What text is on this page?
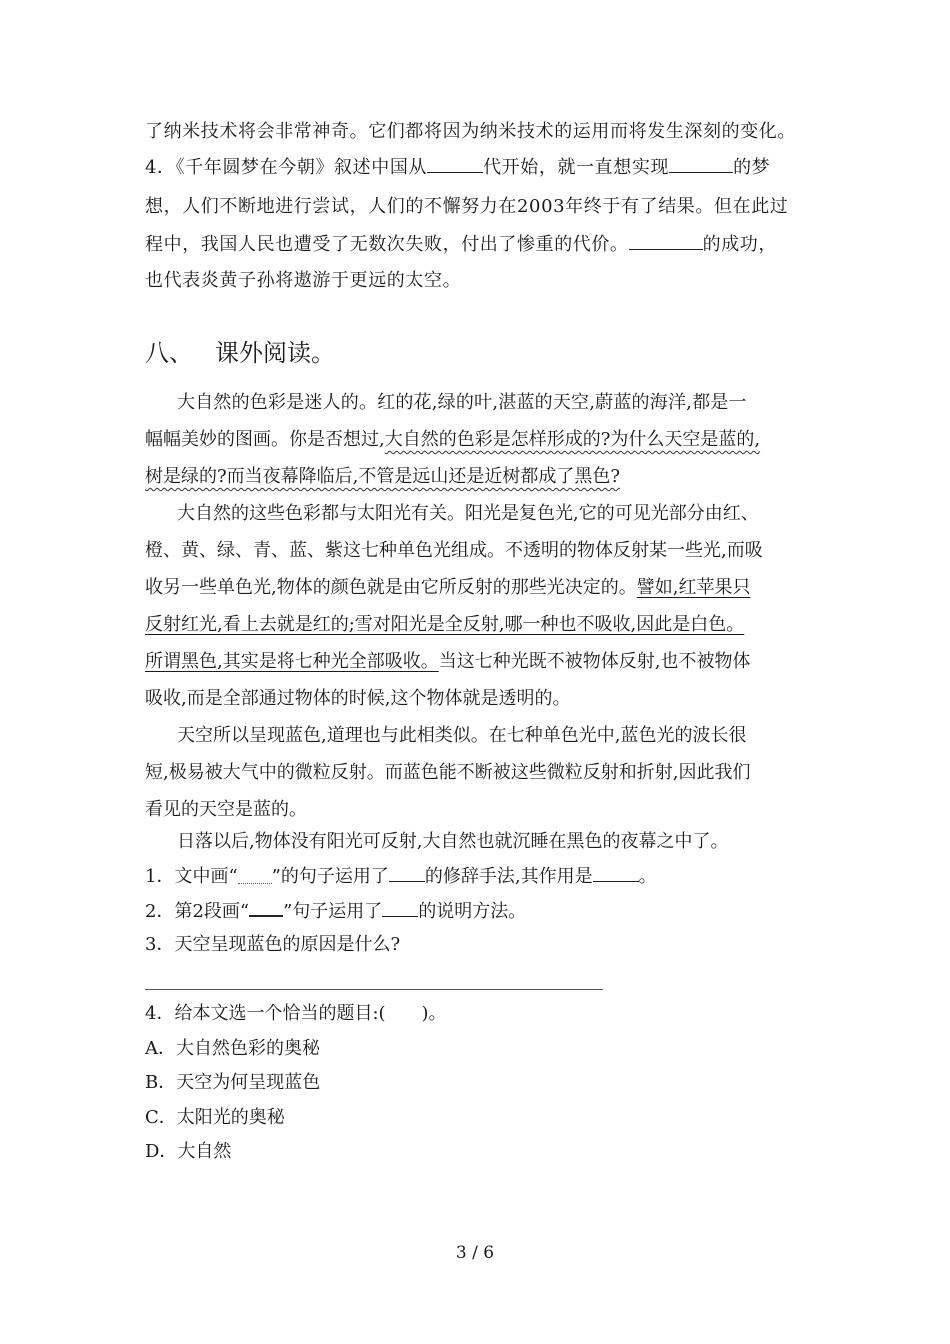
了纳米技术将会非常神奇。它们都将因为纳米技术的运用而将发生深刻的变化。
4．《千年圆梦在今朝》叙述中国从	代开始，就一直想实现	的梦
想，人们不断地进行尝试，人们的不懈努力在2003年终于有了结果。但在此过
程中，我国人民也遭受了无数次失败，付出了惨重的代价。	的成功，
也代表炎黄子孙将遨游于更远的太空。
八、 课外阅读。
大自然的色彩是迷人的。红的花,绿的叶,湛蓝的天空,蔚蓝的海洋,都是一
幅幅美妙的图画。你是否想过,大自然的色彩是怎样形成的?为什么天空是蓝的,
树是绿的?而当夜幕降临后,不管是远山还是近树都成了黑色?
大自然的这些色彩都与太阳光有关。阳光是复色光,它的可见光部分由红、
橙、黄、绿、青、蓝、紫这七种单色光组成。不透明的物体反射某一些光,而吸
收另一些单色光,物体的颜色就是由它所反射的那些光决定的。譬如,红苹果只
反射红光,看上去就是红的;雪对阳光是全反射,哪一种也不吸收,因此是白色。
所谓黑色,其实是将七种光全部吸收。当这七种光既不被物体反射,也不被物体
吸收,而是全部通过物体的时候,这个物体就是透明的。
天空所以呈现蓝色,道理也与此相类似。在七种单色光中,蓝色光的波长很
短,极易被大气中的微粒反射。而蓝色能不断被这些微粒反射和折射,因此我们
看见的天空是蓝的。
日落以后,物体没有阳光可反射,大自然也就沉睡在黑色的夜幕之中了。
1．文中画“ ”的句子运用了 的修辞手法,其作用是	。
2．第2段画“ ”句子运用了 的说明方法。
3．天空呈现蓝色的原因是什么?
4．给本文选一个恰当的题目:(　　)。
A．大自然色彩的奥秘
B．天空为何呈现蓝色
C．太阳光的奥秘
D．大自然
3 / 6
